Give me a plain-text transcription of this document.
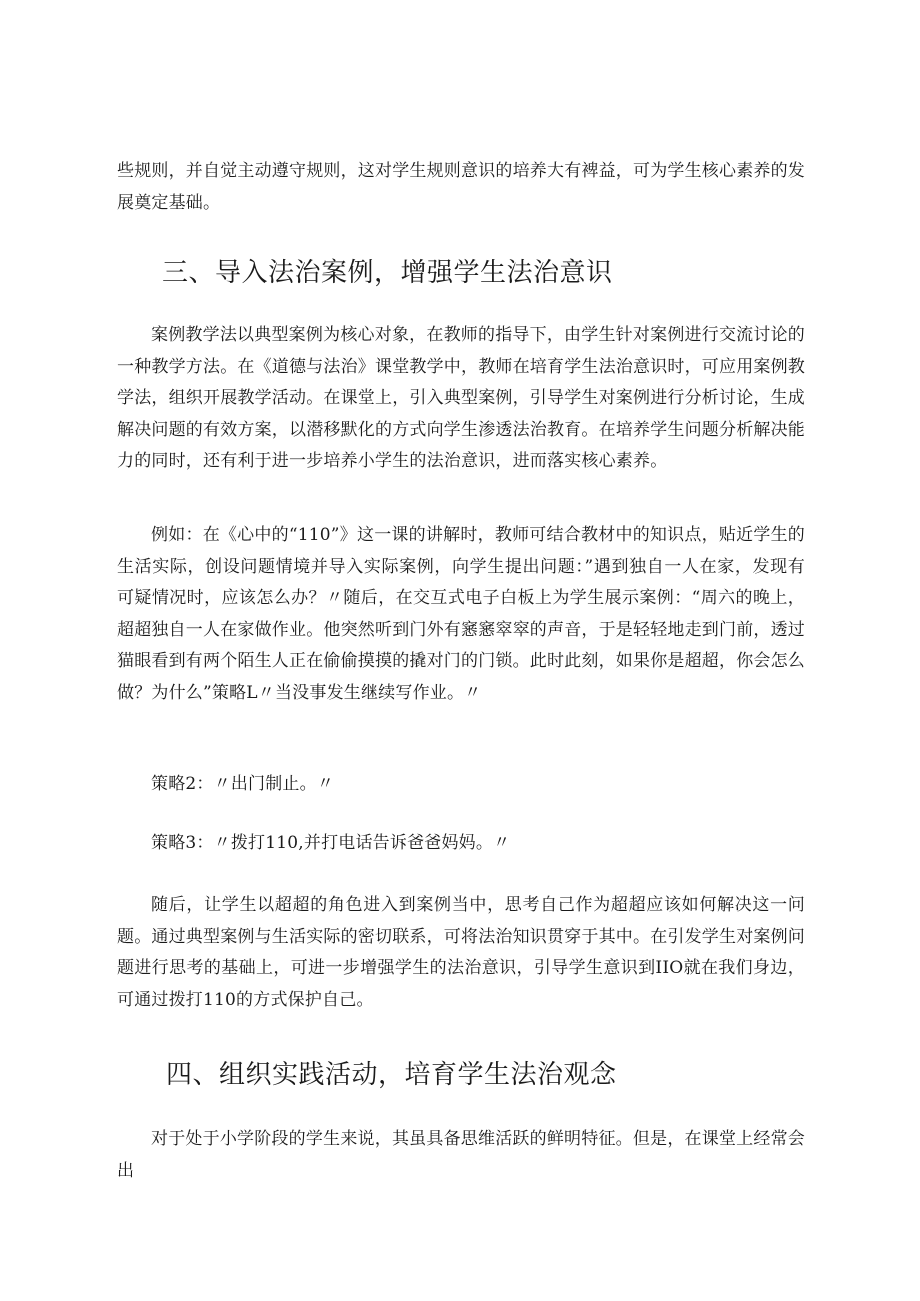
些规则，并自觉主动遵守规则，这对学生规则意识的培养大有裨益，可为学生核心素养的发展奠定基础。

三、导入法治案例，增强学生法治意识

案例教学法以典型案例为核心对象，在教师的指导下，由学生针对案例进行交流讨论的一种教学方法。在《道德与法治》课堂教学中，教师在培育学生法治意识时，可应用案例教学法，组织开展教学活动。在课堂上，引入典型案例，引导学生对案例进行分析讨论，生成解决问题的有效方案，以潜移默化的方式向学生渗透法治教育。在培养学生问题分析解决能力的同时，还有利于进一步培养小学生的法治意识，进而落实核心素养。

例如：在《心中的“110”》这一课的讲解时，教师可结合教材中的知识点，贴近学生的生活实际，创设问题情境并导入实际案例，向学生提出问题：”遇到独自一人在家，发现有可疑情况时，应该怎么办？〃随后，在交互式电子白板上为学生展示案例：“周六的晚上，超超独自一人在家做作业。他突然听到门外有窸窸窣窣的声音，于是轻轻地走到门前，透过猫眼看到有两个陌生人正在偷偷摸摸的撬对门的门锁。此时此刻，如果你是超超，你会怎么做？为什么”策略L〃当没事发生继续写作业。〃

策略2：〃出门制止。〃

策略3：〃拨打110,并打电话告诉爸爸妈妈。〃

随后，让学生以超超的角色进入到案例当中，思考自己作为超超应该如何解决这一问题。通过典型案例与生活实际的密切联系，可将法治知识贯穿于其中。在引发学生对案例问题进行思考的基础上，可进一步增强学生的法治意识，引导学生意识到IIO就在我们身边，可通过拨打110的方式保护自己。

四、组织实践活动，培育学生法治观念

对于处于小学阶段的学生来说，其虽具备思维活跃的鲜明特征。但是，在课堂上经常会出
